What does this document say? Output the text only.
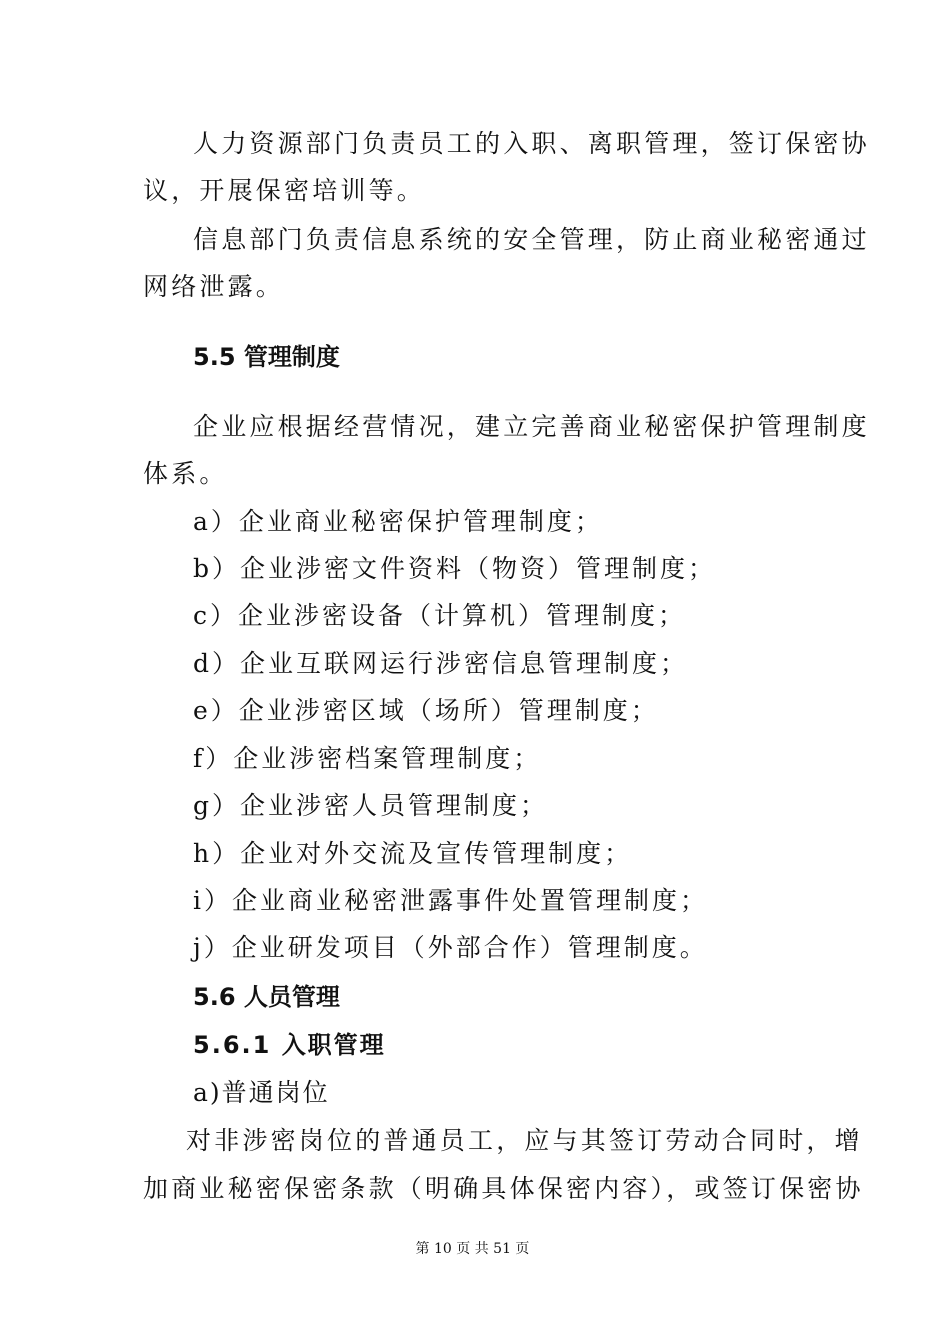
人力资源部门负责员工的入职、离职管理，签订保密协
议，开展保密培训等。
信息部门负责信息系统的安全管理，防止商业秘密通过
网络泄露。
5.5 管理制度
企业应根据经营情况，建立完善商业秘密保护管理制度
体系。
a）企业商业秘密保护管理制度；
b）企业涉密文件资料（物资）管理制度；
c）企业涉密设备（计算机）管理制度；
d）企业互联网运行涉密信息管理制度；
e）企业涉密区域（场所）管理制度；
f）企业涉密档案管理制度；
g）企业涉密人员管理制度；
h）企业对外交流及宣传管理制度；
i）企业商业秘密泄露事件处置管理制度；
j）企业研发项目（外部合作）管理制度。
5.6 人员管理
5.6.1 入职管理
a)普通岗位
对非涉密岗位的普通员工，应与其签订劳动合同时，增
加商业秘密保密条款（明确具体保密内容），或签订保密协
第 10 页 共 51 页
